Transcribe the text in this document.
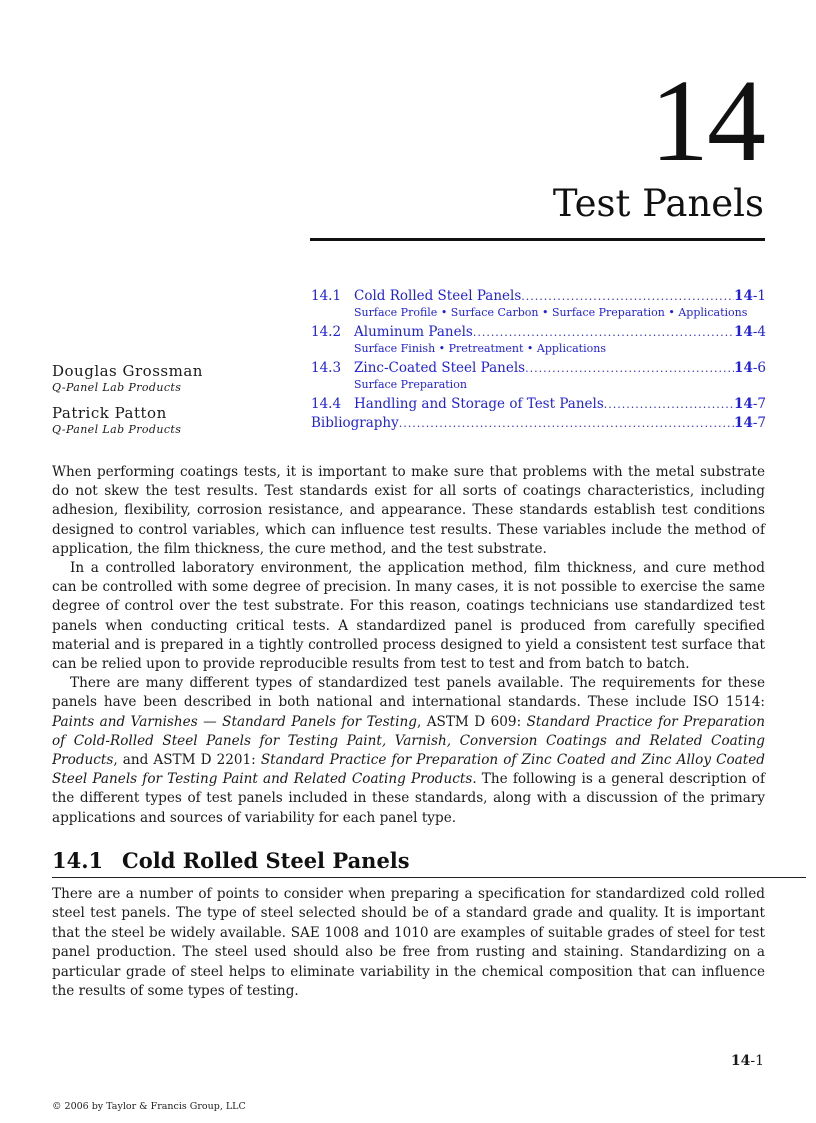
14
Test Panels
14.1 Cold Rolled Steel Panels .....	14-1
Surface Profile • Surface Carbon • Surface Preparation • Applications
14.2 Aluminum Panels .....	14-4
Surface Finish • Pretreatment • Applications
14.3 Zinc-Coated Steel Panels .....	14-6
Surface Preparation
14.4 Handling and Storage of Test Panels .....	14-7
Bibliography .....	14-7
Douglas Grossman
Q-Panel Lab Products
Patrick Patton
Q-Panel Lab Products

When performing coatings tests, it is important to make sure that problems with the metal substrate do not skew the test results. Test standards exist for all sorts of coatings characteristics, including adhesion, flexibility, corrosion resistance, and appearance. These standards establish test conditions designed to control variables, which can influence test results. These variables include the method of application, the film thickness, the cure method, and the test substrate.

In a controlled laboratory environment, the application method, film thickness, and cure method can be controlled with some degree of precision. In many cases, it is not possible to exercise the same degree of control over the test substrate. For this reason, coatings technicians use standardized test panels when conducting critical tests. A standardized panel is produced from carefully specified material and is prepared in a tightly controlled process designed to yield a consistent test surface that can be relied upon to provide reproducible results from test to test and from batch to batch.

There are many different types of standardized test panels available. The requirements for these panels have been described in both national and international standards. These include ISO 1514: Paints and Varnishes — Standard Panels for Testing, ASTM D 609: Standard Practice for Preparation of Cold-Rolled Steel Panels for Testing Paint, Varnish, Conversion Coatings and Related Coating Products, and ASTM D 2201: Standard Practice for Preparation of Zinc Coated and Zinc Alloy Coated Steel Panels for Testing Paint and Related Coating Products. The following is a general description of the different types of test panels included in these standards, along with a discussion of the primary applications and sources of variability for each panel type.

14.1 Cold Rolled Steel Panels

There are a number of points to consider when preparing a specification for standardized cold rolled steel test panels. The type of steel selected should be of a standard grade and quality. It is important that the steel be widely available. SAE 1008 and 1010 are examples of suitable grades of steel for test panel production. The steel used should also be free from rusting and staining. Standardizing on a particular grade of steel helps to eliminate variability in the chemical composition that can influence the results of some types of testing.

14-1
© 2006 by Taylor & Francis Group, LLC
